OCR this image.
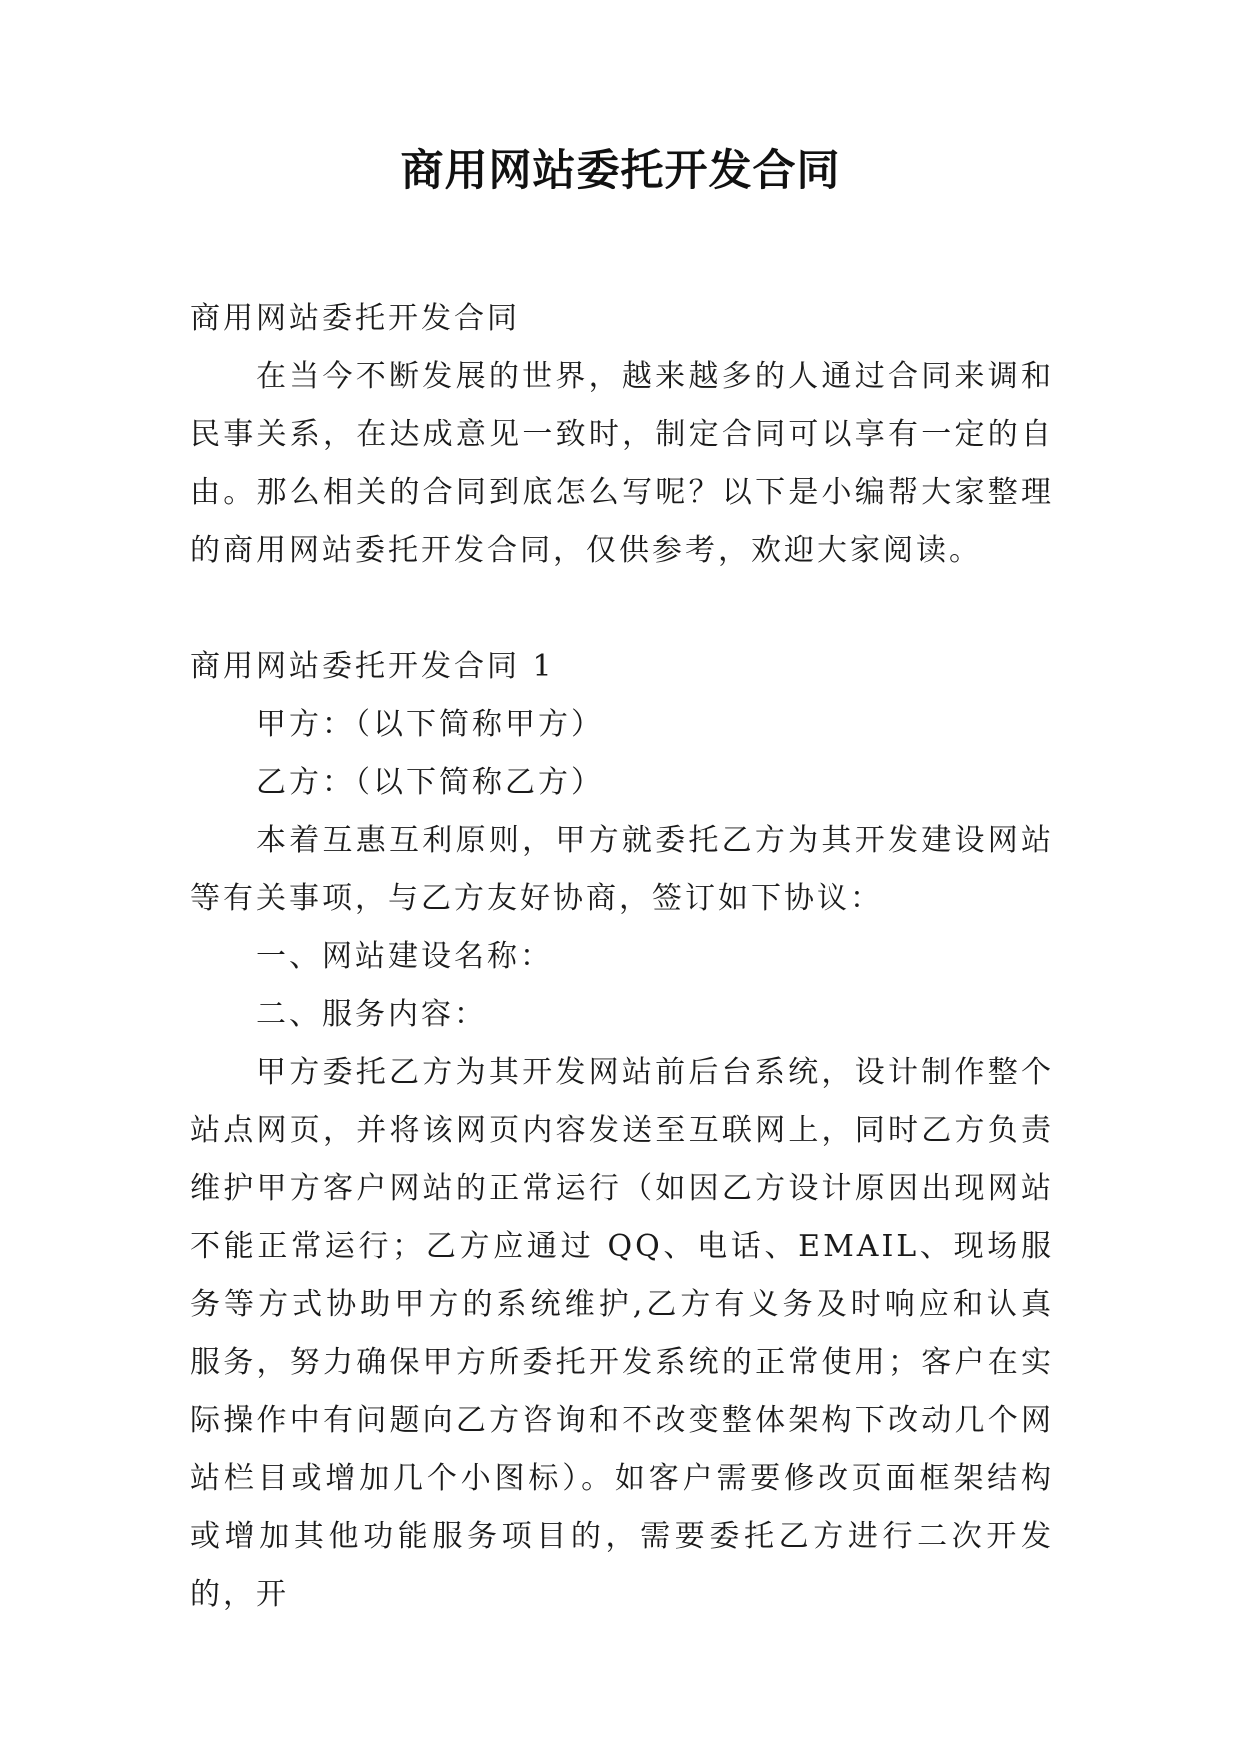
商用网站委托开发合同

商用网站委托开发合同

在当今不断发展的世界，越来越多的人通过合同来调和民事关系，在达成意见一致时，制定合同可以享有一定的自由。那么相关的合同到底怎么写呢？以下是小编帮大家整理的商用网站委托开发合同，仅供参考，欢迎大家阅读。

商用网站委托开发合同 1

甲方：（以下简称甲方）

乙方：（以下简称乙方）

本着互惠互利原则，甲方就委托乙方为其开发建设网站等有关事项，与乙方友好协商，签订如下协议：

一、网站建设名称：

二、服务内容：

甲方委托乙方为其开发网站前后台系统，设计制作整个站点网页，并将该网页内容发送至互联网上，同时乙方负责维护甲方客户网站的正常运行（如因乙方设计原因出现网站不能正常运行；乙方应通过 QQ、电话、EMAIL、现场服务等方式协助甲方的系统维护,乙方有义务及时响应和认真服务，努力确保甲方所委托开发系统的正常使用；客户在实际操作中有问题向乙方咨询和不改变整体架构下改动几个网站栏目或增加几个小图标）。如客户需要修改页面框架结构或增加其他功能服务项目的，需要委托乙方进行二次开发的，开
